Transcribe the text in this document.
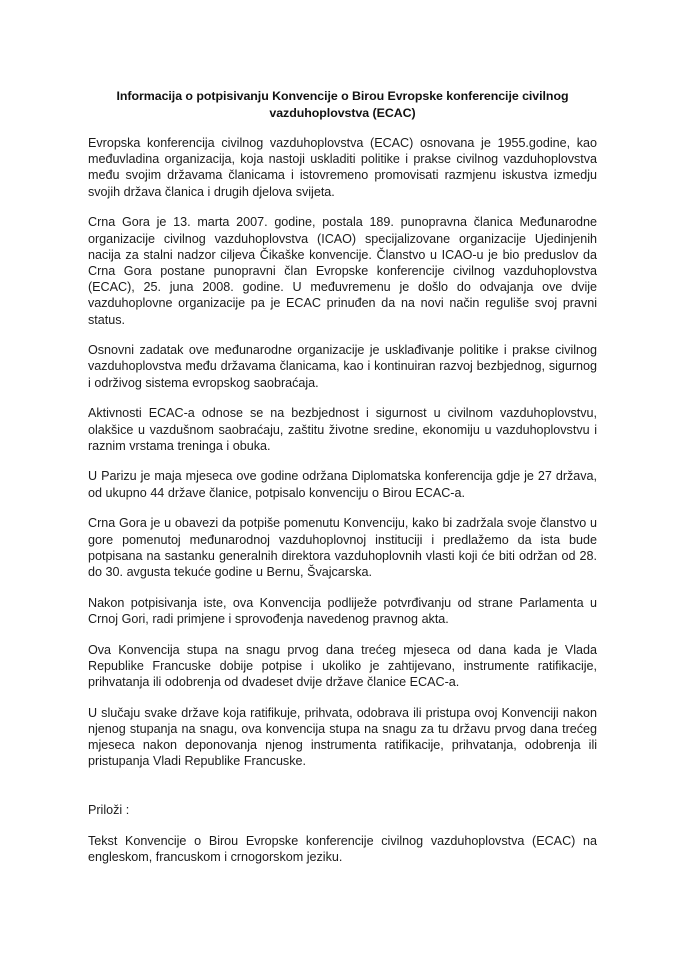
Informacija o potpisivanju Konvencije o Birou Evropske konferencije civilnog vazduhoplovstva (ECAC)

Evropska konferencija civilnog vazduhoplovstva (ECAC) osnovana je 1955.godine, kao međuvladina organizacija, koja nastoji uskladiti politike i prakse civilnog vazduhoplovstva među svojim državama članicama i istovremeno promovisati razmjenu iskustva izmedju svojih država članica i drugih djelova svijeta.

Crna Gora je 13. marta 2007. godine, postala 189. punopravna članica Međunarodne organizacije civilnog vazduhoplovstva (ICAO) specijalizovane organizacije Ujedinjenih nacija za stalni nadzor ciljeva Čikaške konvencije. Članstvo u ICAO-u je bio preduslov da Crna Gora postane punopravni član Evropske konferencije civilnog vazduhoplovstva (ECAC), 25. juna 2008. godine. U međuvremenu je došlo do odvajanja ove dvije vazduhoplovne organizacije pa je ECAC prinuđen da na novi način reguliše svoj pravni status.

Osnovni zadatak ove međunarodne organizacije je usklađivanje politike i prakse civilnog vazduhoplovstva među državama članicama, kao i kontinuiran razvoj bezbjednog, sigurnog i održivog sistema evropskog saobraćaja.

Aktivnosti ECAC-a odnose se na bezbjednost i sigurnost u civilnom vazduhoplovstvu, olakšice u vazdušnom saobraćaju, zaštitu životne sredine, ekonomiju u vazduhoplovstvu i raznim vrstama treninga i obuka.

U Parizu je maja mjeseca ove godine održana Diplomatska konferencija gdje je 27 država, od ukupno 44 države članice, potpisalo konvenciju o Birou ECAC-a.

Crna Gora je u obavezi da potpiše pomenutu Konvenciju, kako bi zadržala svoje članstvo u gore pomenutoj međunarodnoj vazduhoplovnoj instituciji i predlažemo da ista bude potpisana na sastanku generalnih direktora vazduhoplovnih vlasti koji će biti održan od 28. do 30. avgusta tekuće godine u Bernu, Švajcarska.

Nakon potpisivanja iste, ova Konvencija podliježe potvrđivanju od strane Parlamenta u Crnoj Gori, radi primjene i sprovođenja navedenog pravnog akta.

Ova Konvencija stupa na snagu prvog dana trećeg mjeseca od dana kada je Vlada Republike Francuske dobije potpise i ukoliko je zahtijevano, instrumente ratifikacije, prihvatanja ili odobrenja od dvadeset dvije države članice ECAC-a.

U slučaju svake države koja ratifikuje, prihvata, odobrava ili pristupa ovoj Konvenciji nakon njenog stupanja na snagu, ova konvencija stupa na snagu za tu državu prvog dana trećeg mjeseca nakon deponovanja njenog instrumenta ratifikacije, prihvatanja, odobrenja ili pristupanja Vladi Republike Francuske.

Priloži :

Tekst Konvencije o Birou Evropske konferencije civilnog vazduhoplovstva (ECAC) na engleskom, francuskom i crnogorskom jeziku.
